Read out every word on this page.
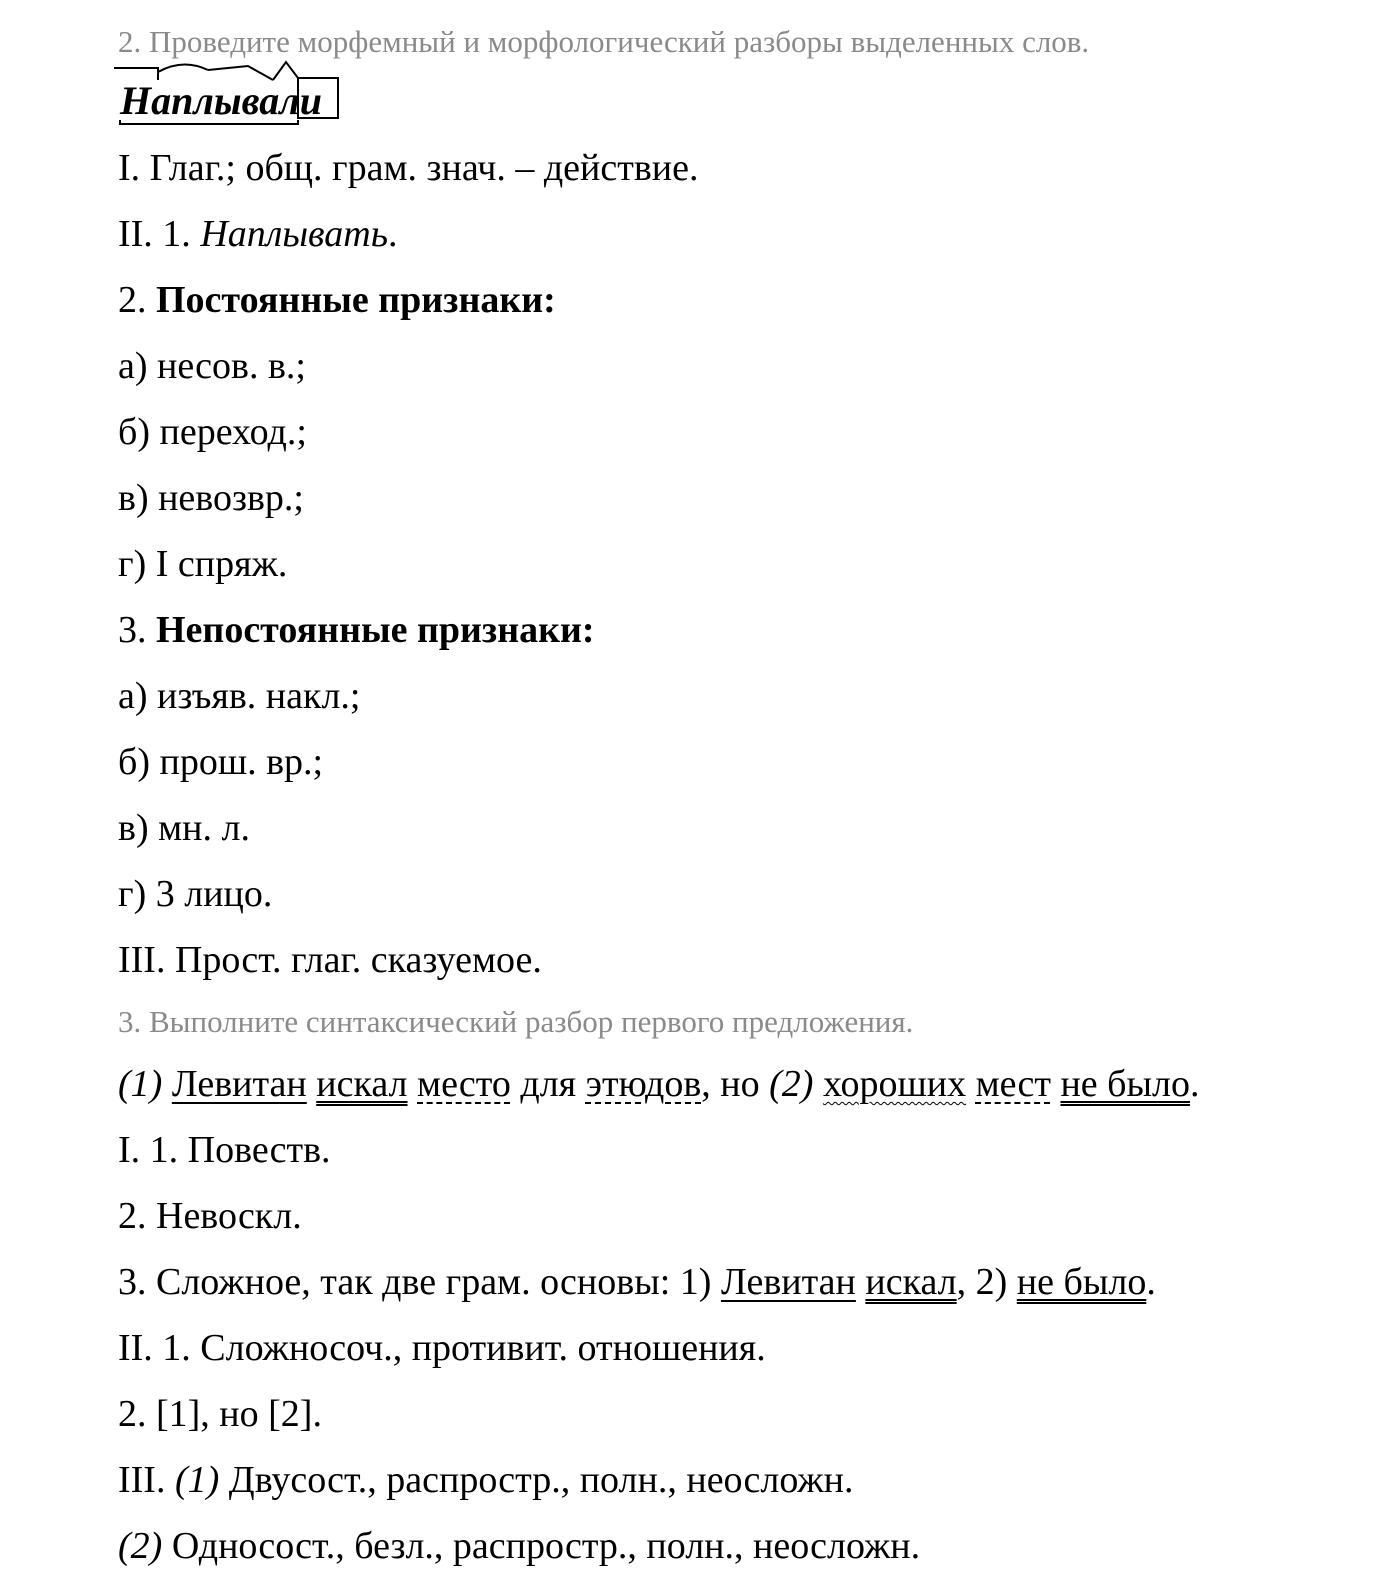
2. Проведите морфемный и морфологический разборы выделенных слов.
Наплывали
I. Глаг.; общ. грам. знач. – действие.
II. 1. Наплывать.
2. Постоянные признаки:
а) несов. в.;
б) переход.;
в) невозвр.;
г) I спряж.
3. Непостоянные признаки:
а) изъяв. накл.;
б) прош. вр.;
в) мн. л.
г) 3 лицо.
III. Прост. глаг. сказуемое.
3. Выполните синтаксический разбор первого предложения.
(1) Левитан искал место для этюдов, но (2) хороших мест не было.
I. 1. Повеств.
2. Невоскл.
3. Сложное, так две грам. основы: 1) Левитан искал, 2) не было.
II. 1. Сложносоч., противит. отношения.
2. [1], но [2].
III. (1) Двусост., распростр., полн., неосложн.
(2) Односост., безл., распростр., полн., неосложн.
